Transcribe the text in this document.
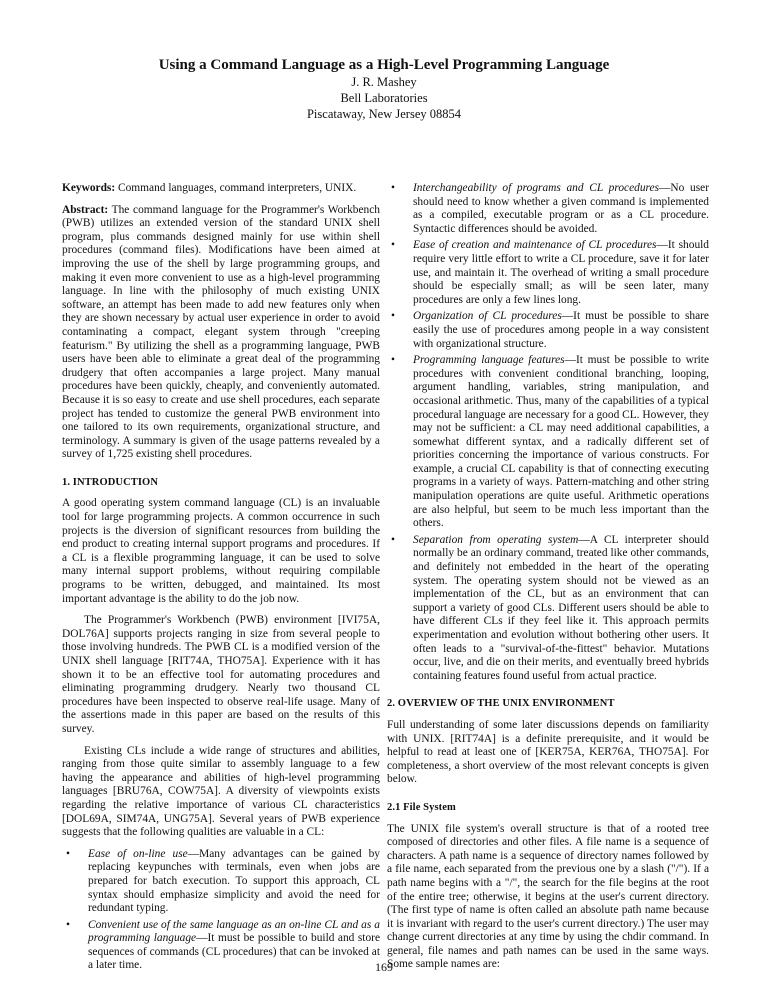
Using a Command Language as a High-Level Programming Language
J. R. Mashey
Bell Laboratories
Piscataway, New Jersey 08854

Keywords: Command languages, command interpreters, UNIX.

Abstract: The command language for the Programmer's Workbench (PWB) utilizes an extended version of the standard UNIX shell program, plus commands designed mainly for use within shell procedures (command files). Modifications have been aimed at improving the use of the shell by large programming groups, and making it even more convenient to use as a high-level programming language. In line with the philosophy of much existing UNIX software, an attempt has been made to add new features only when they are shown necessary by actual user experience in order to avoid contaminating a compact, elegant system through "creeping featurism." By utilizing the shell as a programming language, PWB users have been able to eliminate a great deal of the programming drudgery that often accompanies a large project. Many manual procedures have been quickly, cheaply, and conveniently automated. Because it is so easy to create and use shell procedures, each separate project has tended to customize the general PWB environment into one tailored to its own requirements, organizational structure, and terminology. A summary is given of the usage patterns revealed by a survey of 1,725 existing shell procedures.

1. INTRODUCTION

A good operating system command language (CL) is an invaluable tool for large programming projects. A common occurrence in such projects is the diversion of significant resources from building the end product to creating internal support programs and procedures. If a CL is a flexible programming language, it can be used to solve many internal support problems, without requiring compilable programs to be written, debugged, and maintained. Its most important advantage is the ability to do the job now.

The Programmer's Workbench (PWB) environment [IVI75A, DOL76A] supports projects ranging in size from several people to those involving hundreds. The PWB CL is a modified version of the UNIX shell language [RIT74A, THO75A]. Experience with it has shown it to be an effective tool for automating procedures and eliminating programming drudgery. Nearly two thousand CL procedures have been inspected to observe real-life usage. Many of the assertions made in this paper are based on the results of this survey.

Existing CLs include a wide range of structures and abilities, ranging from those quite similar to assembly language to a few having the appearance and abilities of high-level programming languages [BRU76A, COW75A]. A diversity of viewpoints exists regarding the relative importance of various CL characteristics [DOL69A, SIM74A, UNG75A]. Several years of PWB experience suggests that the following qualities are valuable in a CL:

• Ease of on-line use—Many advantages can be gained by replacing keypunches with terminals, even when jobs are prepared for batch execution. To support this approach, CL syntax should emphasize simplicity and avoid the need for redundant typing.
• Convenient use of the same language as an on-line CL and as a programming language—It must be possible to build and store sequences of commands (CL procedures) that can be invoked at a later time.
• Interchangeability of programs and CL procedures—No user should need to know whether a given command is implemented as a compiled, executable program or as a CL procedure. Syntactic differences should be avoided.
• Ease of creation and maintenance of CL procedures—It should require very little effort to write a CL procedure, save it for later use, and maintain it. The overhead of writing a small procedure should be especially small; as will be seen later, many procedures are only a few lines long.
• Organization of CL procedures—It must be possible to share easily the use of procedures among people in a way consistent with organizational structure.
• Programming language features—It must be possible to write procedures with convenient conditional branching, looping, argument handling, variables, string manipulation, and occasional arithmetic. Thus, many of the capabilities of a typical procedural language are necessary for a good CL. However, they may not be sufficient: a CL may need additional capabilities, a somewhat different syntax, and a radically different set of priorities concerning the importance of various constructs. For example, a crucial CL capability is that of connecting executing programs in a variety of ways. Pattern-matching and other string manipulation operations are quite useful. Arithmetic operations are also helpful, but seem to be much less important than the others.
• Separation from operating system—A CL interpreter should normally be an ordinary command, treated like other commands, and definitely not embedded in the heart of the operating system. The operating system should not be viewed as an implementation of the CL, but as an environment that can support a variety of good CLs. Different users should be able to have different CLs if they feel like it. This approach permits experimentation and evolution without bothering other users. It often leads to a "survival-of-the-fittest" behavior. Mutations occur, live, and die on their merits, and eventually breed hybrids containing features found useful from actual practice.
2. OVERVIEW OF THE UNIX ENVIRONMENT

Full understanding of some later discussions depends on familiarity with UNIX. [RIT74A] is a definite prerequisite, and it would be helpful to read at least one of [KER75A, KER76A, THO75A]. For completeness, a short overview of the most relevant concepts is given below.

2.1 File System

The UNIX file system's overall structure is that of a rooted tree composed of directories and other files. A file name is a sequence of characters. A path name is a sequence of directory names followed by a file name, each separated from the previous one by a slash ("/"). If a path name begins with a "/", the search for the file begins at the root of the entire tree; otherwise, it begins at the user's current directory. (The first type of name is often called an absolute path name because it is invariant with regard to the user's current directory.) The user may change current directories at any time by using the chdir command. In general, file names and path names can be used in the same ways. Some sample names are:

169
